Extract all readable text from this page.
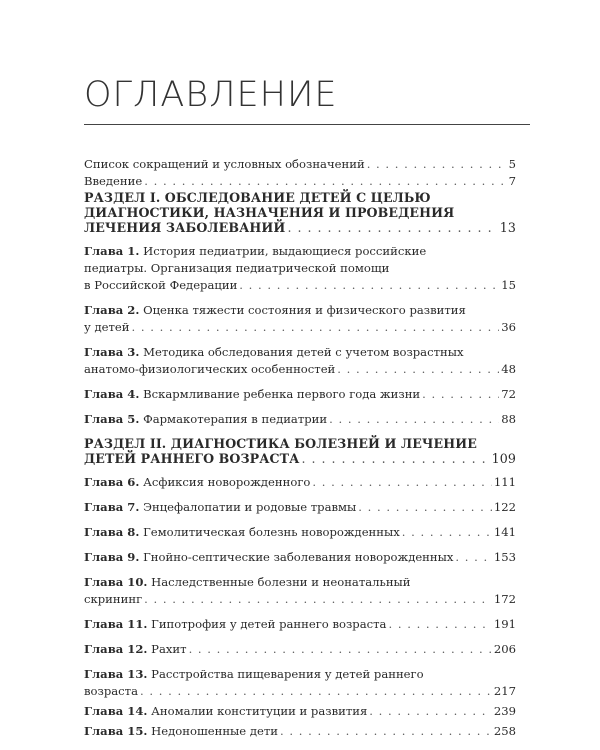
ОГЛАВЛЕНИЕ
Список сокращений и условных обозначений . . .	5
Введение . . .	7
РАЗДЕЛ I. ОБСЛЕДОВАНИЕ ДЕТЕЙ С ЦЕЛЬЮ
ДИАГНОСТИКИ, НАЗНАЧЕНИЯ И ПРОВЕДЕНИЯ
ЛЕЧЕНИЯ ЗАБОЛЕВАНИЙ . . .	13
Глава 1. История педиатрии, выдающиеся российские
педиатры. Организация педиатрической помощи
в Российской Федерации . . .	15
Глава 2. Оценка тяжести состояния и физического развития
у детей . . .	36
Глава 3. Методика обследования детей с учетом возрастных
анатомо-физиологических особенностей . . .	48
Глава 4.
Вскармливание ребенка первого года жизни . . .	72
Глава 5.
Фармакотерапия в педиатрии . . .	88
РАЗДЕЛ II. ДИАГНОСТИКА БОЛЕЗНЕЙ И ЛЕЧЕНИЕ
ДЕТЕЙ РАННЕГО ВОЗРАСТА . . .	109
Глава 6.
Асфиксия новорожденного . . .	111
Глава 7.
Энцефалопатии и родовые травмы . . .	122
Глава 8.
Гемолитическая болезнь новорожденных . . .	141
Глава 9.
Гнойно-септические заболевания новорожденных . . .	153
Глава 10. Наследственные болезни и неонатальный
скрининг . . .	172
Глава 11.
Гипотрофия у детей раннего возраста . . .	191
Глава 12.
Рахит . . .	206
Глава 13. Расстройства пищеварения у детей раннего
возраста . . .	217
Глава 14.
Аномалии конституции и развития . . .	239
Глава 15.
Недоношенные дети . . .	258
